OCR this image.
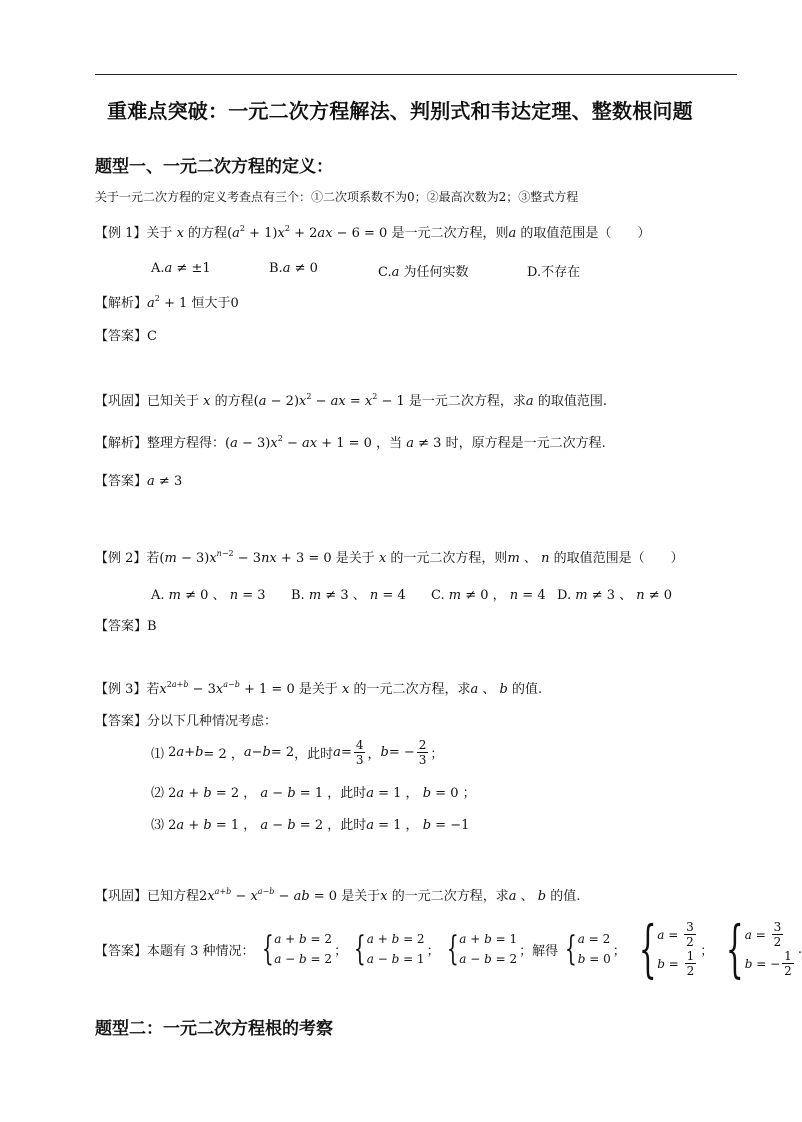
重难点突破：一元二次方程解法、判别式和韦达定理、整数根问题
题型一、一元二次方程的定义：
关于一元二次方程的定义考查点有三个：①二次项系数不为0；②最高次数为2；③整式方程
【例 1】关于 x 的方程$(a^2 + 1)x^2 + 2ax - 6 = 0$ 是一元二次方程，则a 的取值范围是（　　）
A.a ≠ ±1	B.a ≠ 0	C.a 为任何实数	D.不存在
【解析】$a^2 + 1$ 恒大于0
【答案】C
【巩固】已知关于 x 的方程$(a - 2)x^2$ − ax = $x^2 - 1$ 是一元二次方程，求a 的取值范围.
【解析】整理方程得：$(a - 3)x^2$ − ax + 1 = 0 ，当 a ≠ 3 时，原方程是一元二次方程.
【答案】a ≠ 3
【例 2】若$(m - 3)x^{n-2} - 3nx + 3 = 0$ 是关于 x 的一元二次方程，则m 、 n 的取值范围是（　　）
A. m ≠ 0 、 n = 3 B. m ≠ 3 、 n = 4 C. m ≠ 0 ， n = 4 D. m ≠ 3 、 n ≠ 0
【答案】B
【例 3】若$x^{2a+b} - 3x^{a-b} + 1 = 0$ 是关于 x 的一元二次方程，求a 、 b 的值.
【答案】分以下几种情况考虑：
⑴ 2 a + b = 2 ， a − b = 2 ，此时 $a = \frac{4}{3}$ ， b = − $\frac{2}{3}$ ；
⑵ 2a + b = 2 ， a − b = 1 ，此时a = 1 ， b = 0 ；
⑶ 2a + b = 1 ， a − b = 2 ，此时a = 1 ， b = −1
【巩固】已知方程$2x^{a+b} - x^{a-b}$ − ab = 0 是关于x 的一元二次方程，求a 、 b 的值.
【答案】 本题有 3 种情况： { a + b = 2
a − b = 2
； { a + b = 2
a − b = 1
； { a + b = 1
a − b = 2
； 解得 { a = 2
b = 0
； { $a = \frac{3}{2}$
$b = \frac{1}{2}$ ； { $a = \frac{3}{2}$
b = − $\frac{1}{2}$ .
题型二：一元二次方程根的考察
